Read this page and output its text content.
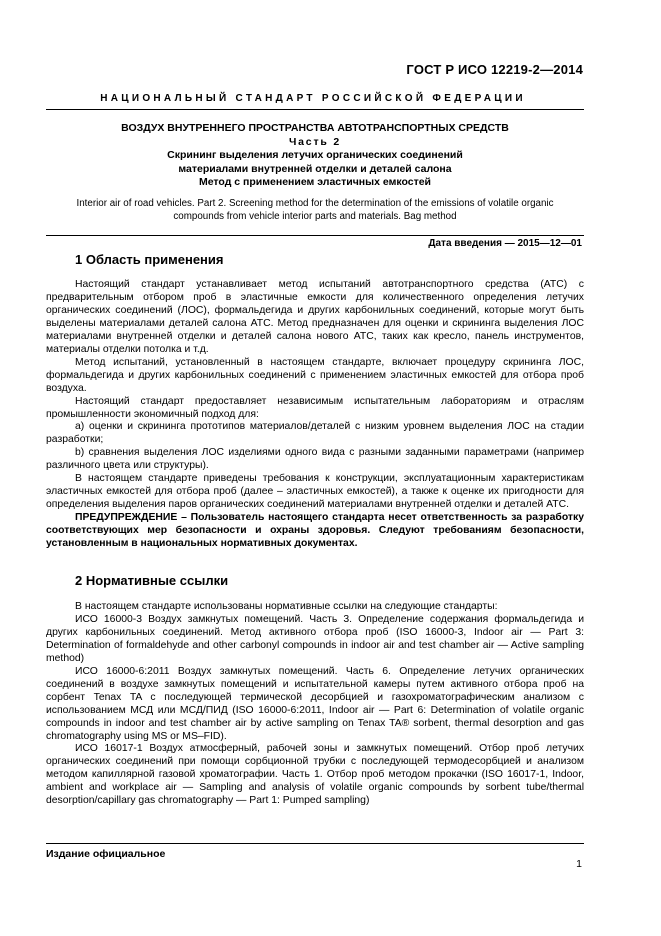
ГОСТ Р ИСО 12219-2—2014
НАЦИОНАЛЬНЫЙ СТАНДАРТ РОССИЙСКОЙ ФЕДЕРАЦИИ
ВОЗДУХ ВНУТРЕННЕГО ПРОСТРАНСТВА АВТОТРАНСПОРТНЫХ СРЕДСТВ
Часть 2
Скрининг выделения летучих органических соединений
материалами внутренней отделки и деталей салона
Метод с применением эластичных емкостей
Interior air of road vehicles. Part 2. Screening method for the determination of the emissions of volatile organic
compounds from vehicle interior parts and materials. Bag method
Дата введения — 2015—12—01
1 Область применения

Настоящий стандарт устанавливает метод испытаний автотранспортного средства (АТС) с предварительным отбором проб в эластичные емкости для количественного определения летучих органических соединений (ЛОС), формальдегида и других карбонильных соединений, которые могут быть выделены материалами деталей салона АТС. Метод предназначен для оценки и скрининга выделения ЛОС материалами внутренней отделки и деталей салона нового АТС, таких как кресло, панель инструментов, материалы отделки потолка и т.д.

Метод испытаний, установленный в настоящем стандарте, включает процедуру скрининга ЛОС, формальдегида и других карбонильных соединений с применением эластичных емкостей для отбора проб воздуха.

Настоящий стандарт предоставляет независимым испытательным лабораториям и отраслям промышленности экономичный подход для:

a) оценки и скрининга прототипов материалов/деталей с низким уровнем выделения ЛОС на стадии разработки;

b) сравнения выделения ЛОС изделиями одного вида с разными заданными параметрами (например различного цвета или структуры).

В настоящем стандарте приведены требования к конструкции, эксплуатационным характеристикам эластичных емкостей для отбора проб (далее – эластичных емкостей), а также к оценке их пригодности для определения выделения паров органических соединений материалами внутренней отделки и деталей АТС.

ПРЕДУПРЕЖДЕНИЕ – Пользователь настоящего стандарта несет ответственность за разработку соответствующих мер безопасности и охраны здоровья. Следуют требованиям безопасности, установленным в национальных нормативных документах.

2 Нормативные ссылки

В настоящем стандарте использованы нормативные ссылки на следующие стандарты:

ИСО 16000-3 Воздух замкнутых помещений. Часть 3. Определение содержания формальдегида и других карбонильных соединений. Метод активного отбора проб (ISO 16000-3, Indoor air — Part 3: Determination of formaldehyde and other carbonyl compounds in indoor air and test chamber air — Active sampling method)

ИСО 16000-6:2011 Воздух замкнутых помещений. Часть 6. Определение летучих органических соединений в воздухе замкнутых помещений и испытательной камеры путем активного отбора проб на сорбент Tenax TA с последующей термической десорбцией и газохроматографическим анализом с использованием МСД или МСД/ПИД (ISO 16000-6:2011, Indoor air — Part 6: Determination of volatile organic compounds in indoor and test chamber air by active sampling on Tenax TA® sorbent, thermal desorption and gas chromatography using MS or MS–FID).

ИСО 16017-1 Воздух атмосферный, рабочей зоны и замкнутых помещений. Отбор проб летучих органических соединений при помощи сорбционной трубки с последующей термодесорбцией и анализом методом капиллярной газовой хроматографии. Часть 1. Отбор проб методом прокачки (ISO 16017-1, Indoor, ambient and workplace air — Sampling and analysis of volatile organic compounds by sorbent tube/thermal desorption/capillary gas chromatography — Part 1: Pumped sampling)

Издание официальное
1
